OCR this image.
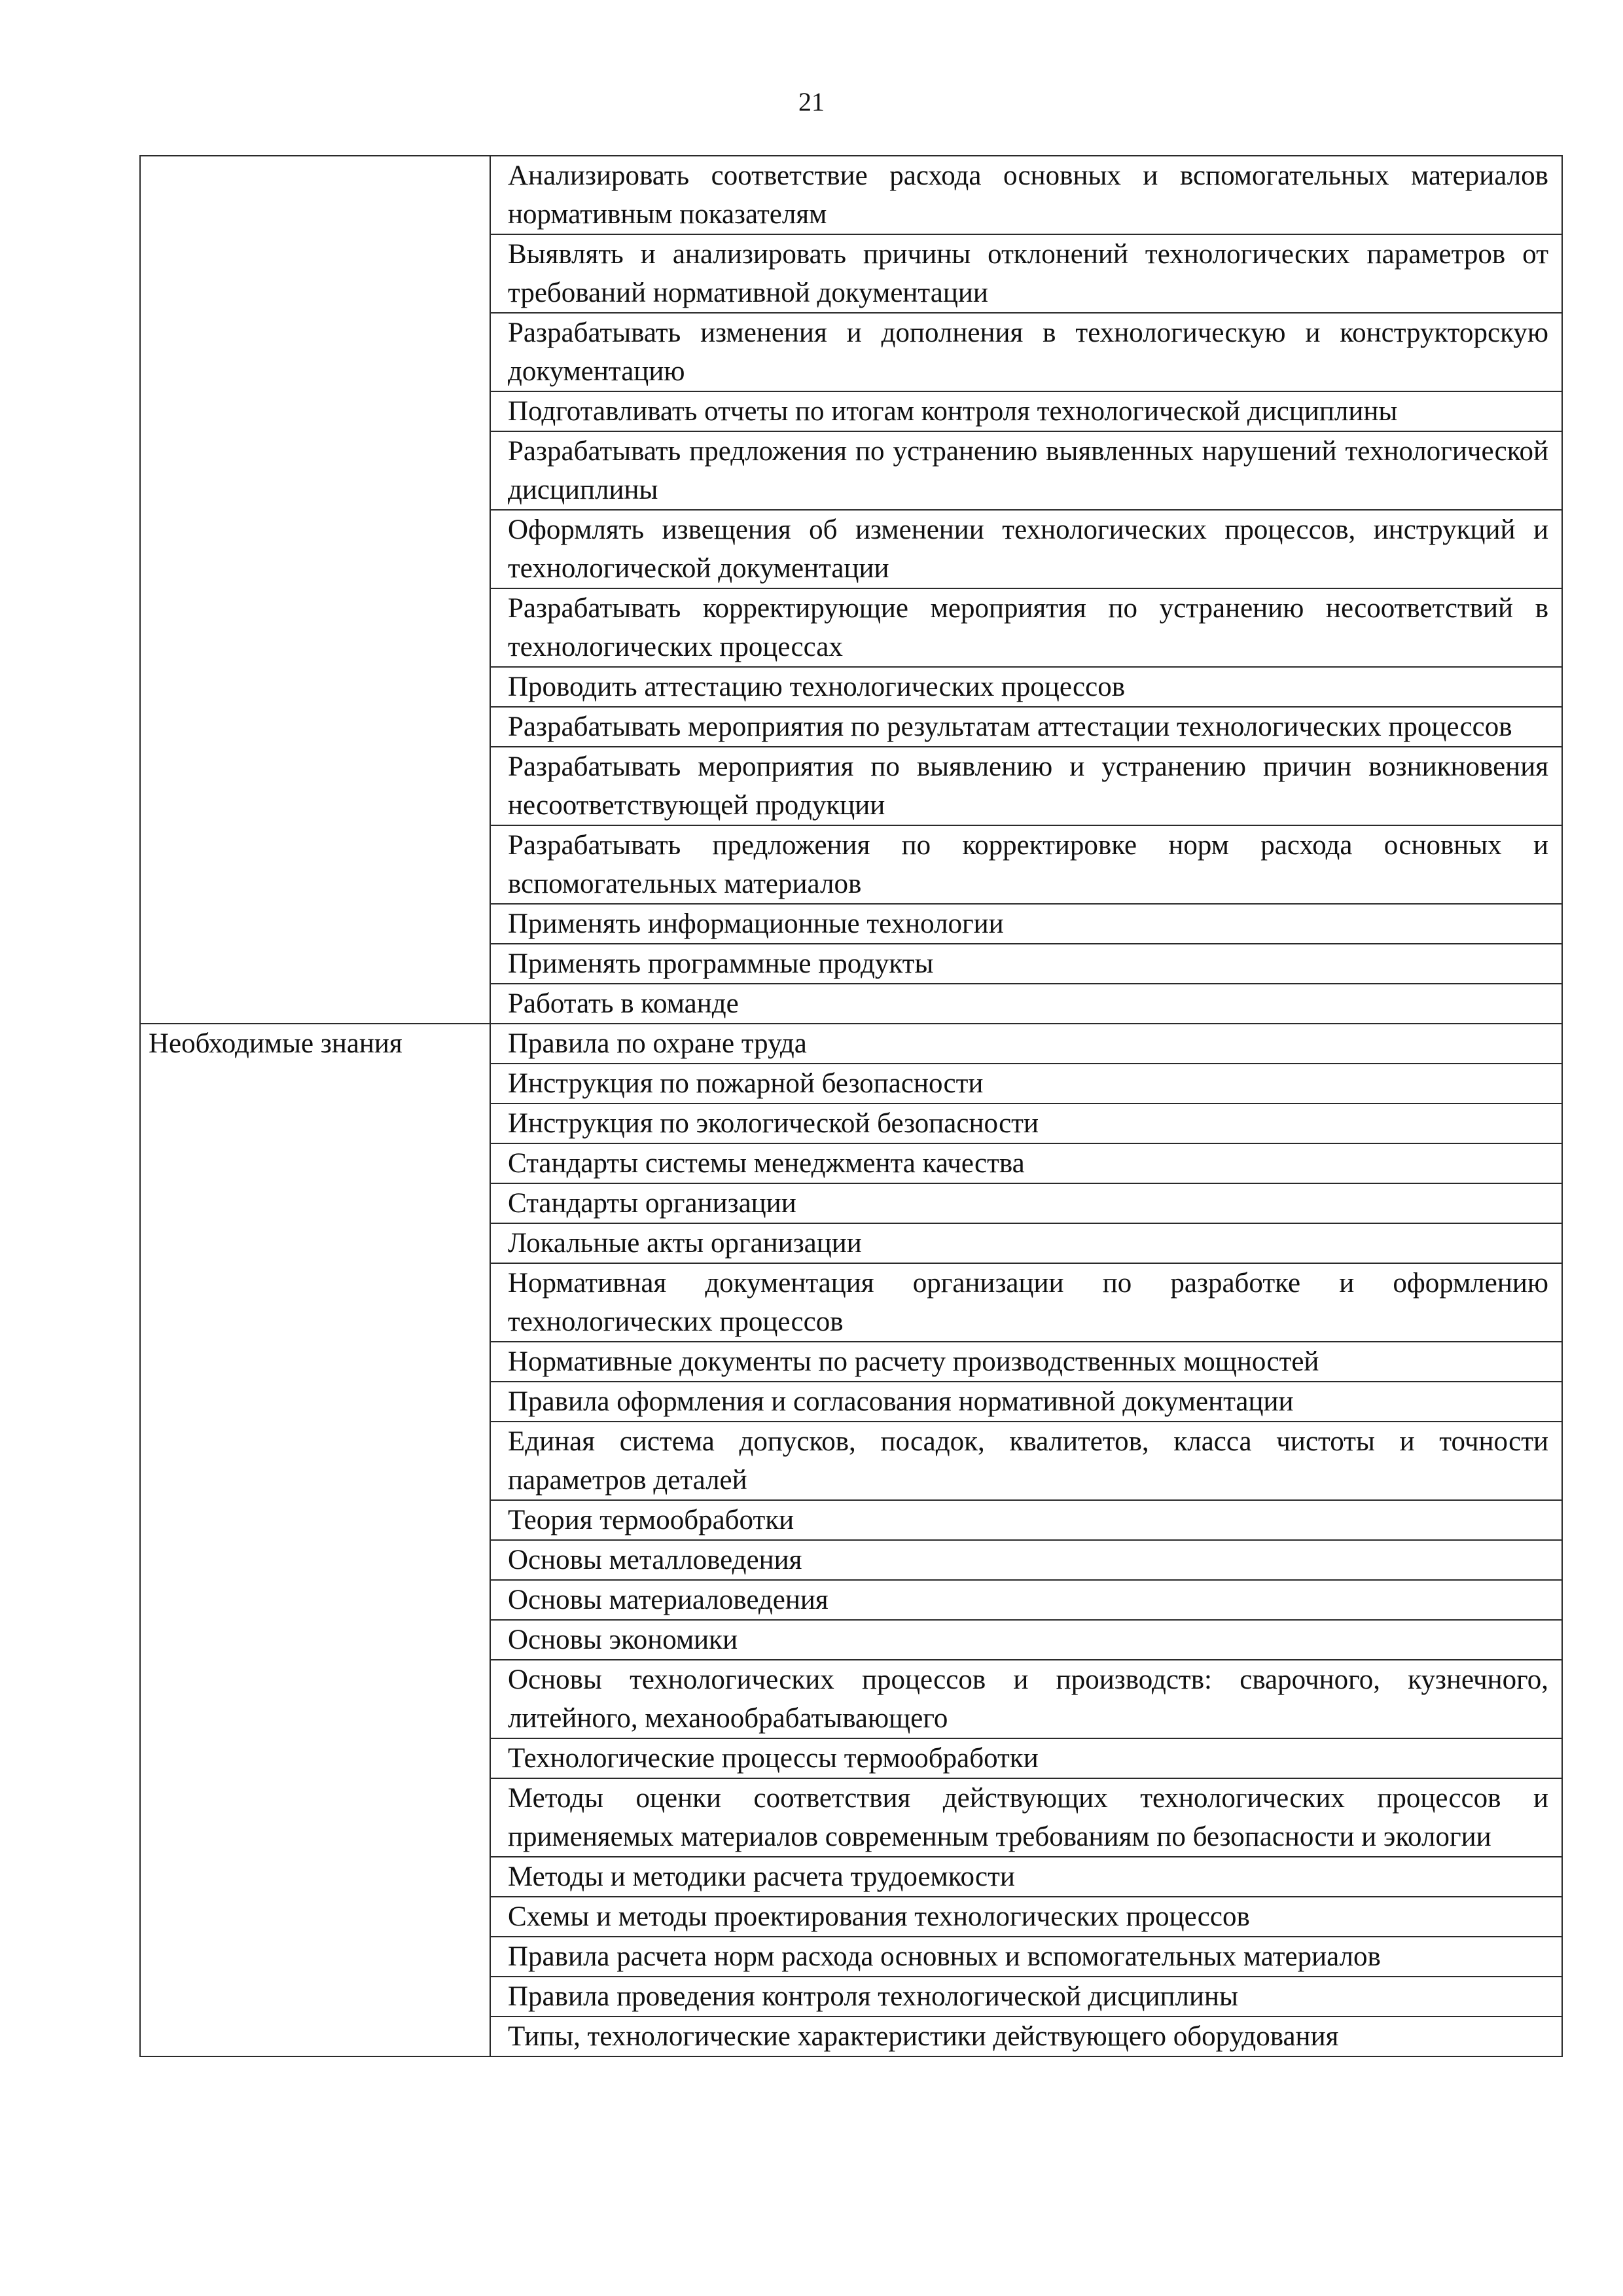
21

	Анализировать соответствие расхода основных и вспомогательных материалов нормативным показателям

	Выявлять и анализировать причины отклонений технологических параметров от требований нормативной документации

	Разрабатывать изменения и дополнения в технологическую и конструкторскую документацию

	Подготавливать отчеты по итогам контроля технологической дисциплины

	Разрабатывать предложения по устранению выявленных нарушений технологической дисциплины

	Оформлять извещения об изменении технологических процессов, инструкций и технологической документации

	Разрабатывать корректирующие мероприятия по устранению несоответствий в технологических процессах

	Проводить аттестацию технологических процессов

	Разрабатывать мероприятия по результатам аттестации технологических процессов

	Разрабатывать мероприятия по выявлению и устранению причин возникновения несоответствующей продукции

	Разрабатывать предложения по корректировке норм расхода основных и вспомогательных материалов

	Применять информационные технологии

	Применять программные продукты

	Работать в команде

Необходимые знания	Правила по охране труда

	Инструкция по пожарной безопасности

	Инструкция по экологической безопасности

	Стандарты системы менеджмента качества

	Стандарты организации

	Локальные акты организации

	Нормативная документация организации по разработке и оформлению технологических процессов

	Нормативные документы по расчету производственных мощностей

	Правила оформления и согласования нормативной документации

	Единая система допусков, посадок, квалитетов, класса чистоты и точности параметров деталей

	Теория термообработки

	Основы металловедения

	Основы материаловедения

	Основы экономики

	Основы технологических процессов и производств: сварочного, кузнечного, литейного, механообрабатывающего

	Технологические процессы термообработки

	Методы оценки соответствия действующих технологических процессов и применяемых материалов современным требованиям по безопасности и экологии

	Методы и методики расчета трудоемкости

	Схемы и методы проектирования технологических процессов

	Правила расчета норм расхода основных и вспомогательных материалов

	Правила проведения контроля технологической дисциплины

	Типы, технологические характеристики действующего оборудования
